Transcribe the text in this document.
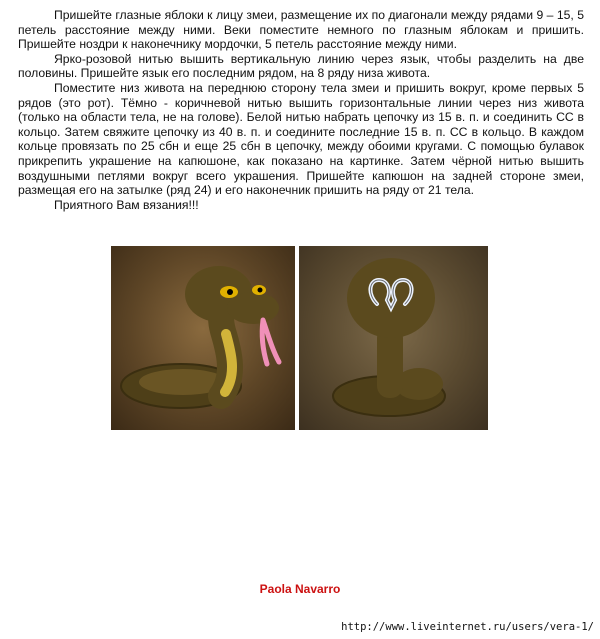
Пришейте глазные яблоки к лицу змеи, размещение их по диагонали между рядами 9 – 15, 5 петель расстояние между ними. Веки поместите немного по глазным яблокам и пришить. Пришейте ноздри к наконечнику мордочки, 5 петель расстояние между ними.

Ярко-розовой нитью вышить вертикальную линию через язык, чтобы разделить на две половины. Пришейте язык его последним рядом, на 8 ряду низа живота.

Поместите низ живота на переднюю сторону тела змеи и пришить вокруг, кроме первых 5 рядов (это рот). Тёмно - коричневой нитью вышить горизонтальные линии через низ живота (только на области тела, не на голове). Белой нитью набрать цепочку из 15 в. п. и соединить СС в кольцо. Затем свяжите цепочку из 40 в. п. и соедините последние 15 в. п. СС в кольцо. В каждом кольце провязать по 25 сбн и еще 25 сбн в цепочку, между обоими кругами. С помощью булавок прикрепить украшение на капюшоне, как показано на картинке. Затем чёрной нитью вышить воздушными петлями вокруг всего украшения. Пришейте капюшон на задней стороне змеи, размещая его на затылке (ряд 24) и его наконечник пришить на ряду от 21 тела.

Приятного Вам вязания!!!

Paola Navarro
http://www.liveinternet.ru/users/vera-1/
